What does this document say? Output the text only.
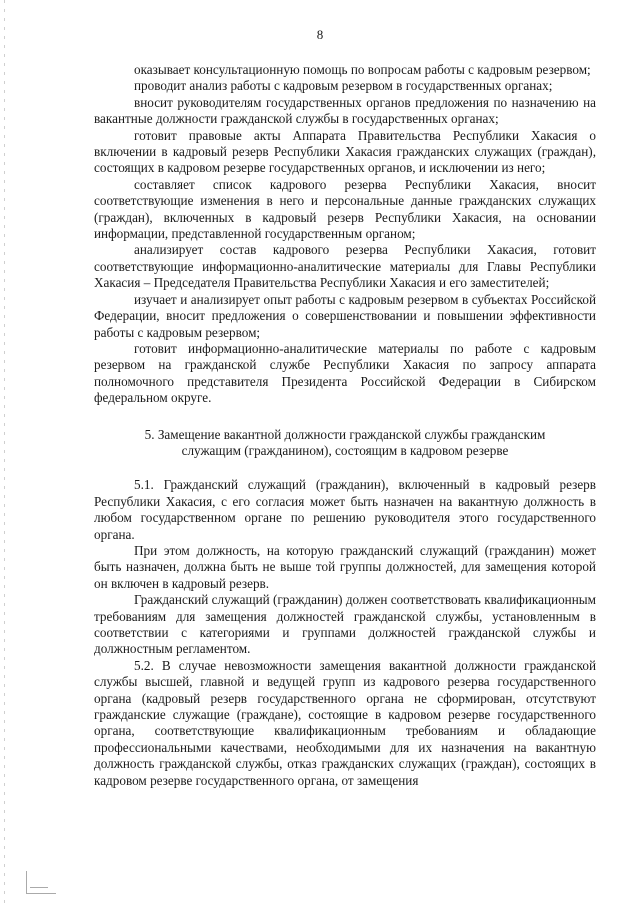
8

оказывает консультационную помощь по вопросам работы с кадровым резервом;

проводит анализ работы с кадровым резервом в государственных органах;

вносит руководителям государственных органов предложения по назначению на вакантные должности гражданской службы в государственных органах;

готовит правовые акты Аппарата Правительства Республики Хакасия о включении в кадровый резерв Республики Хакасия гражданских служащих (граждан), состоящих в кадровом резерве государственных органов, и исключении из него;

составляет список кадрового резерва Республики Хакасия, вносит соответствующие изменения в него и персональные данные гражданских служащих (граждан), включенных в кадровый резерв Республики Хакасия, на основании информации, представленной государственным органом;

анализирует состав кадрового резерва Республики Хакасия, готовит соответствующие информационно-аналитические материалы для Главы Республики Хакасия – Председателя Правительства Республики Хакасия и его заместителей;

изучает и анализирует опыт работы с кадровым резервом в субъектах Российской Федерации, вносит предложения о совершенствовании и повышении эффективности работы с кадровым резервом;

готовит информационно-аналитические материалы по работе с кадровым резервом на гражданской службе Республики Хакасия по запросу аппарата полномочного представителя Президента Российской Федерации в Сибирском федеральном округе.

5. Замещение вакантной должности гражданской службы гражданским
служащим (гражданином), состоящим в кадровом резерве

5.1. Гражданский служащий (гражданин), включенный в кадровый резерв Республики Хакасия, с его согласия может быть назначен на вакантную должность в любом государственном органе по решению руководителя этого государственного органа.

При этом должность, на которую гражданский служащий (гражданин) может быть назначен, должна быть не выше той группы должностей, для замещения которой он включен в кадровый резерв.

Гражданский служащий (гражданин) должен соответствовать квалификационным требованиям для замещения должностей гражданской службы, установленным в соответствии с категориями и группами должностей гражданской службы и должностным регламентом.

5.2. В случае невозможности замещения вакантной должности гражданской службы высшей, главной и ведущей групп из кадрового резерва государственного органа (кадровый резерв государственного органа не сформирован, отсутствуют гражданские служащие (граждане), состоящие в кадровом резерве государственного органа, соответствующие квалификационным требованиям и обладающие профессиональными качествами, необходимыми для их назначения на вакантную должность гражданской службы, отказ гражданских служащих (граждан), состоящих в кадровом резерве государственного органа, от замещения
